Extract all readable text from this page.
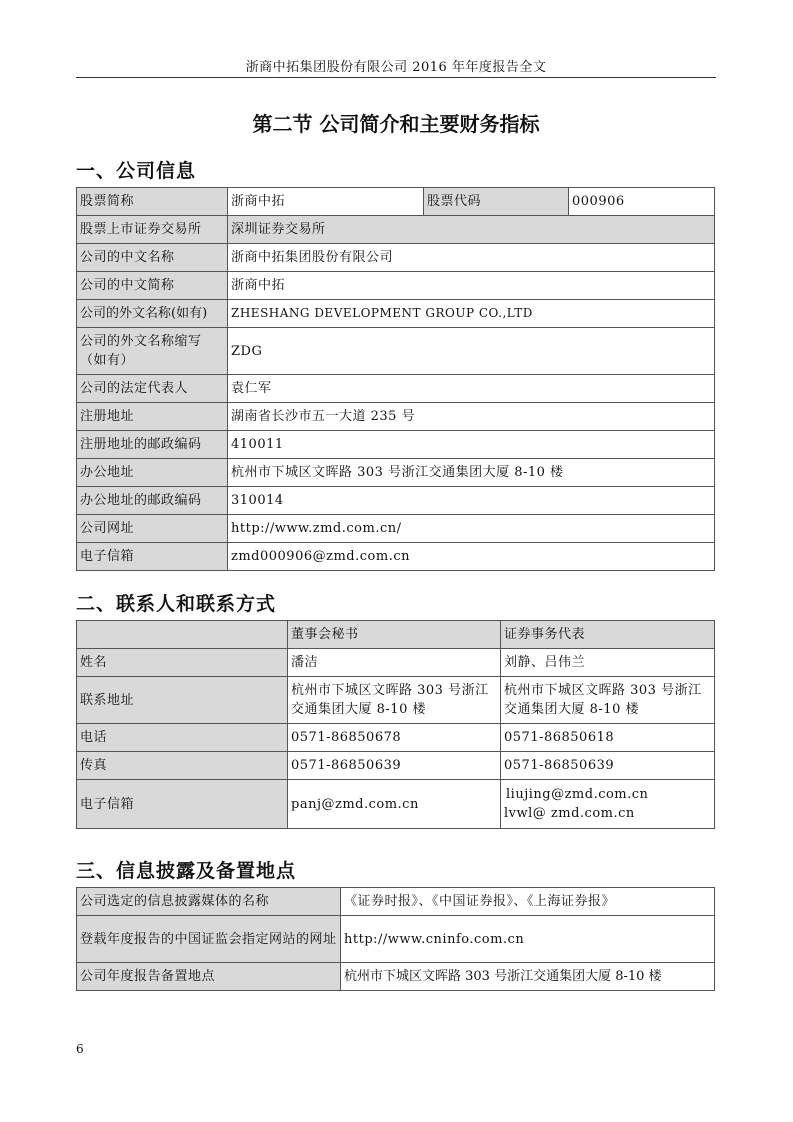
浙商中拓集团股份有限公司 2016 年年度报告全文
第二节 公司简介和主要财务指标
一、公司信息
股票简称	浙商中拓	股票代码	000906
股票上市证券交易所	深圳证券交易所		
公司的中文名称	浙商中拓集团股份有限公司		
公司的中文简称	浙商中拓		
公司的外文名称(如有)	ZHESHANG DEVELOPMENT GROUP CO.,LTD		
公司的外文名称缩写（如有）	ZDG		
公司的法定代表人	袁仁军		
注册地址	湖南省长沙市五一大道 235 号		
注册地址的邮政编码	410011		
办公地址	杭州市下城区文晖路 303 号浙江交通集团大厦 8-10 楼		
办公地址的邮政编码	310014		
公司网址	http://www.zmd.com.cn/		
电子信箱	zmd000906@zmd.com.cn		
二、联系人和联系方式
	董事会秘书	证券事务代表
姓名	潘洁	刘静、吕伟兰
联系地址	杭州市下城区文晖路 303 号浙江交通集团大厦 8-10 楼	杭州市下城区文晖路 303 号浙江交通集团大厦 8-10 楼
电话	0571-86850678	0571-86850618
传真	0571-86850639	0571-86850639
电子信箱	panj@zmd.com.cn	liujing@zmd.com.cn
lvwl@ zmd.com.cn
三、信息披露及备置地点
公司选定的信息披露媒体的名称	《证券时报》、《中国证券报》、《上海证券报》
登载年度报告的中国证监会指定网站的网址	http://www.cninfo.com.cn
公司年度报告备置地点	杭州市下城区文晖路 303 号浙江交通集团大厦 8-10 楼
6
